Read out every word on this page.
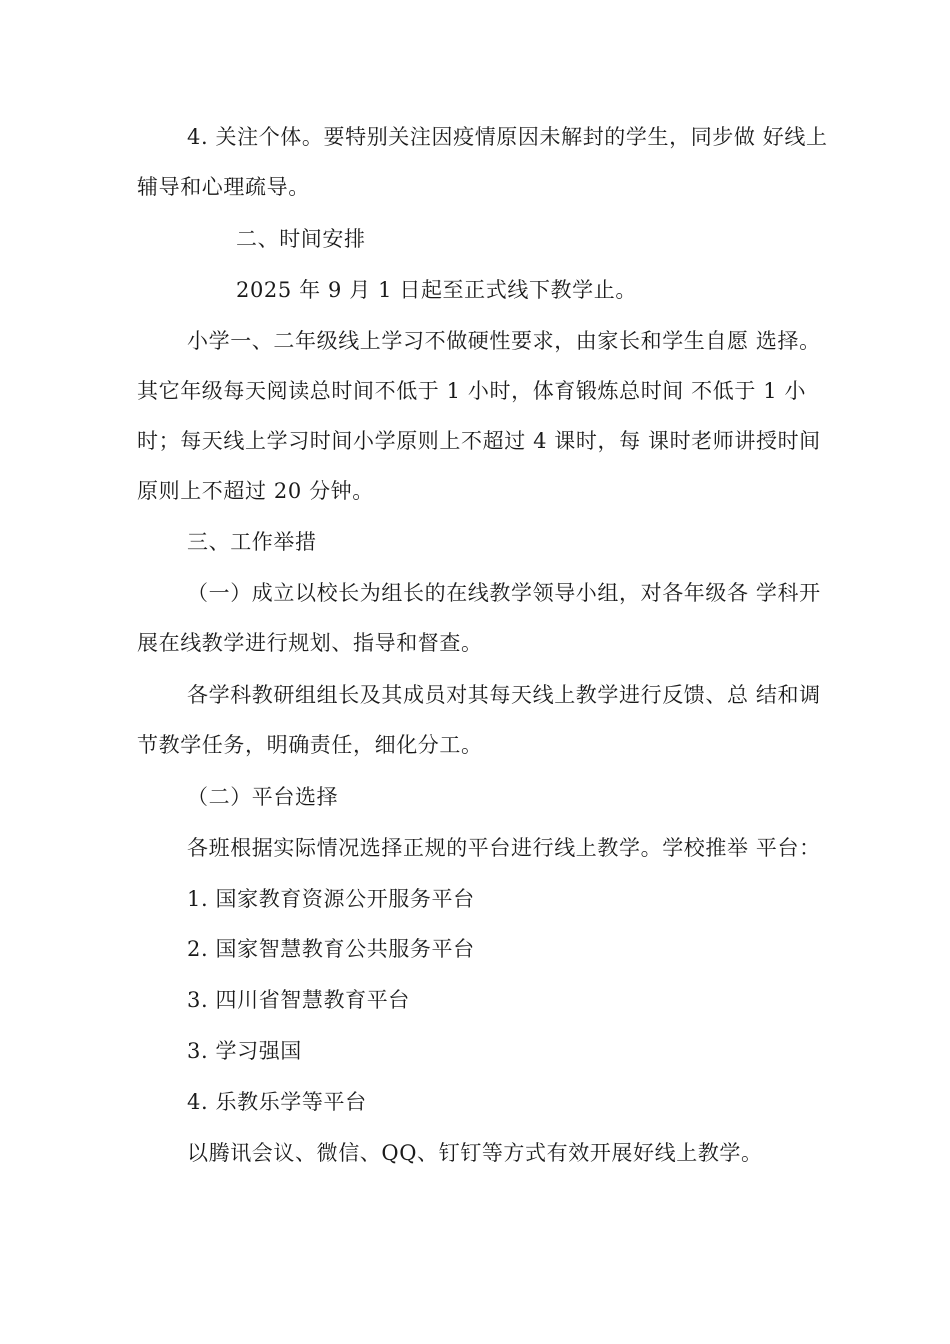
4. 关注个体。要特别关注因疫情原因未解封的学生，同步做 好线上
辅导和心理疏导。
二、时间安排
2025 年 9 月 1 日起至正式线下教学止。
小学一、二年级线上学习不做硬性要求，由家长和学生自愿 选择。
其它年级每天阅读总时间不低于 1 小时，体育锻炼总时间 不低于 1 小
时；每天线上学习时间小学原则上不超过 4 课时，每 课时老师讲授时间
原则上不超过 20 分钟。
三、工作举措
（一）成立以校长为组长的在线教学领导小组，对各年级各 学科开
展在线教学进行规划、指导和督查。
各学科教研组组长及其成员对其每天线上教学进行反馈、总 结和调
节教学任务，明确责任，细化分工。
（二）平台选择
各班根据实际情况选择正规的平台进行线上教学。学校推举 平台：
1. 国家教育资源公开服务平台
2. 国家智慧教育公共服务平台
3. 四川省智慧教育平台
3. 学习强国
4. 乐教乐学等平台
以腾讯会议、微信、QQ、钉钉等方式有效开展好线上教学。
